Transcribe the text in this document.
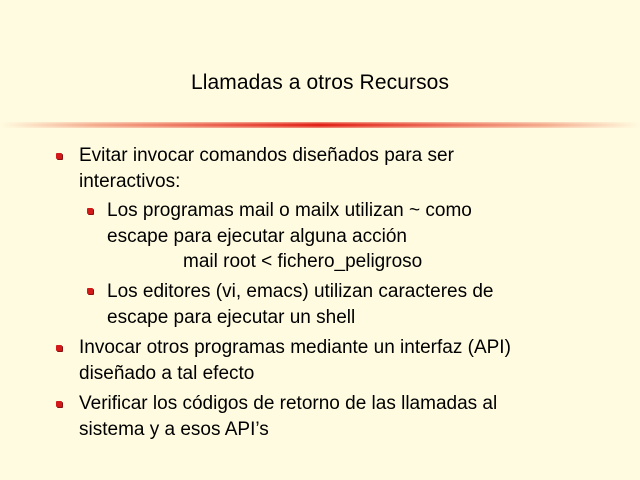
Llamadas a otros Recursos
Evitar invocar comandos diseñados para ser
interactivos:
Los programas mail o mailx utilizan ~ como
escape para ejecutar alguna acción
mail root < fichero_peligroso
Los editores (vi, emacs) utilizan caracteres de
escape para ejecutar un shell
Invocar otros programas mediante un interfaz (API)
diseñado a tal efecto
Verificar los códigos de retorno de las llamadas al
sistema y a esos API’s
